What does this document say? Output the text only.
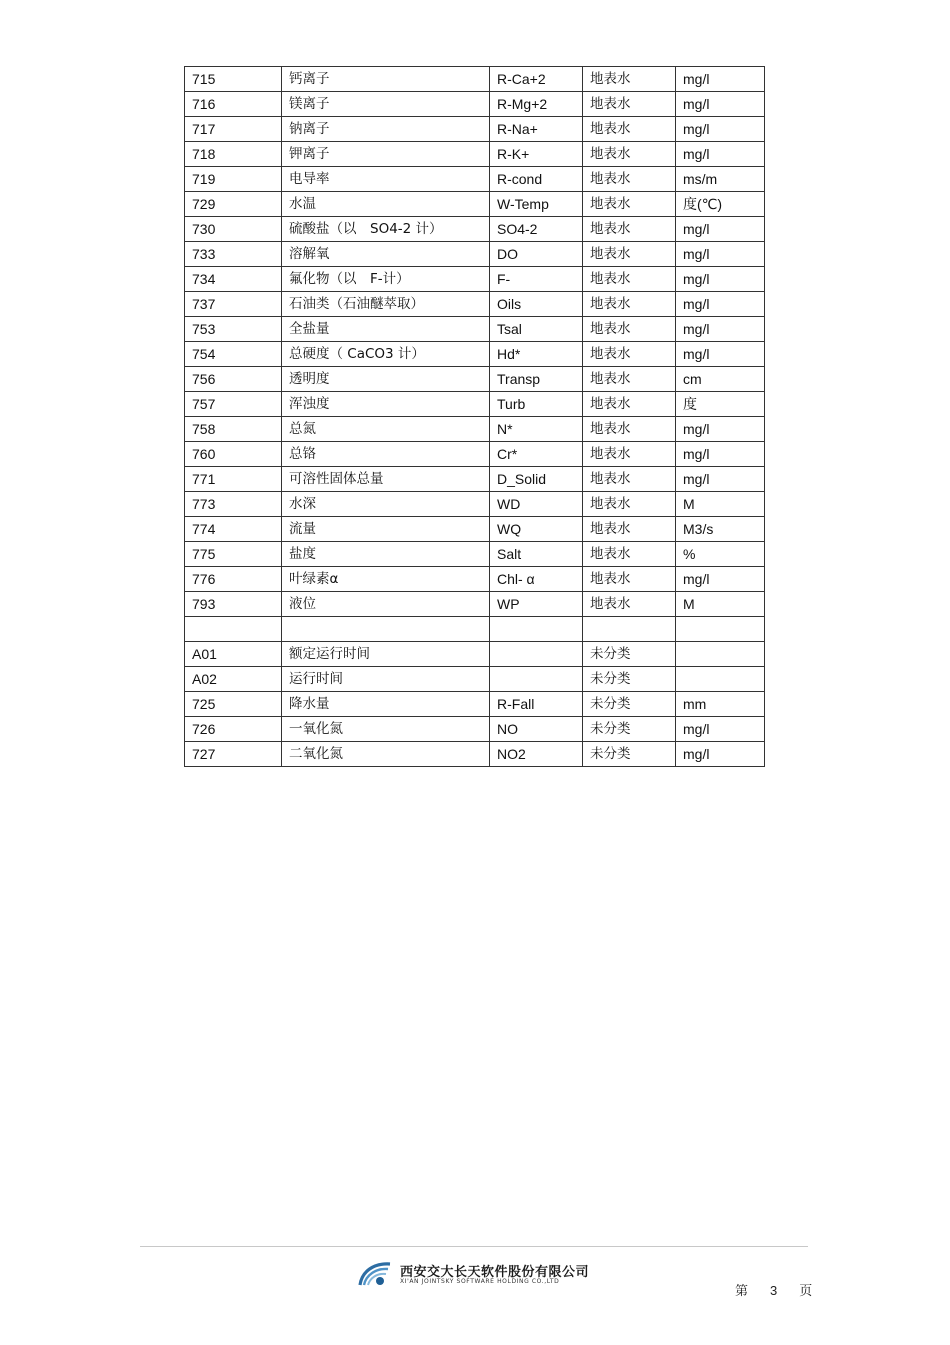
715	钙离子	R-Ca+2	地表水	mg/l
716	镁离子	R-Mg+2	地表水	mg/l
717	钠离子	R-Na+	地表水	mg/l
718	钾离子	R-K+	地表水	mg/l
719	电导率	R-cond	地表水	ms/m
729	水温	W-Temp	地表水	度(℃)
730	硫酸盐（以　SO4-2 计）	SO4-2	地表水	mg/l
733	溶解氧	DO	地表水	mg/l
734	氟化物（以　F-计）	F-	地表水	mg/l
737	石油类（石油醚萃取）	Oils	地表水	mg/l
753	全盐量	Tsal	地表水	mg/l
754	总硬度（ CaCO3 计）	Hd*	地表水	mg/l
756	透明度	Transp	地表水	cm
757	浑浊度	Turb	地表水	度
758	总氮	N*	地表水	mg/l
760	总铬	Cr*	地表水	mg/l
771	可溶性固体总量	D_Solid	地表水	mg/l
773	水深	WD	地表水	M
774	流量	WQ	地表水	M3/s
775	盐度	Salt	地表水	%
776	叶绿素α	Chl- α	地表水	mg/l
793	液位	WP	地表水	M

A01	额定运行时间		未分类	
A02	运行时间		未分类	
725	降水量	R-Fall	未分类	mm
726	一氧化氮	NO	未分类	mg/l
727	二氧化氮	NO2	未分类	mg/l
西安交大长天软件股份有限公司
XI'AN JOINTSKY SOFTWARE HOLDING CO.,LTD
第 3 页
